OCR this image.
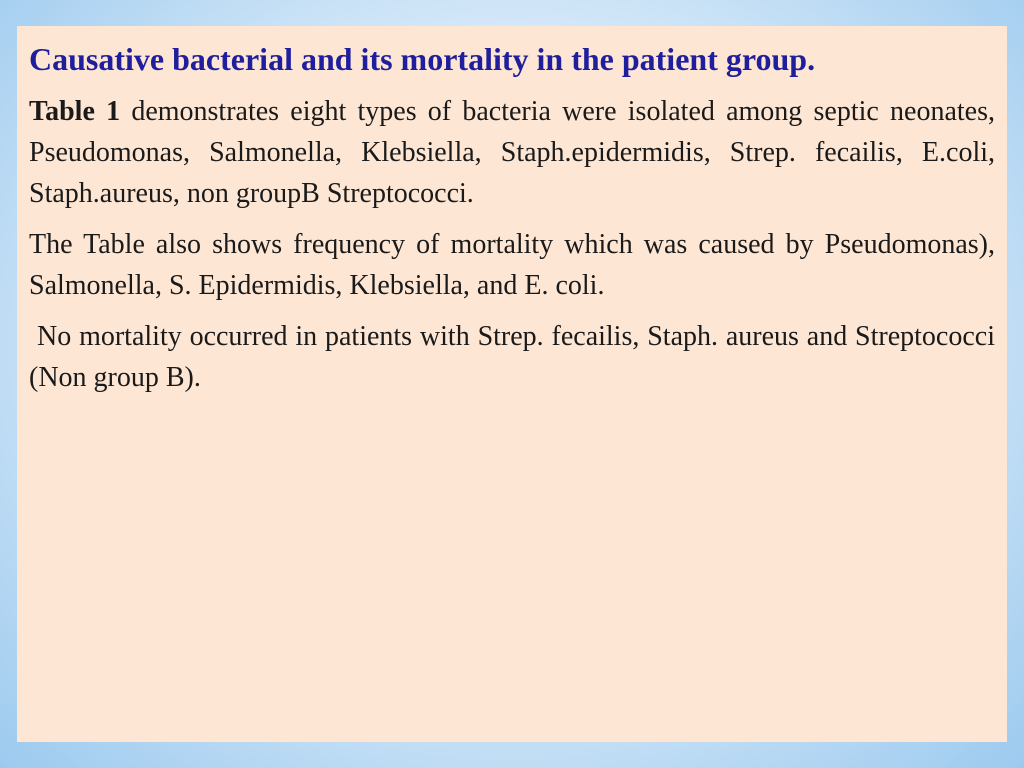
Causative bacterial and its mortality in the patient group.

Table 1 demonstrates eight types of bacteria were isolated among septic neonates, Pseudomonas, Salmonella, Klebsiella, Staph.epidermidis, Strep. fecailis, E.coli, Staph.aureus, non groupB Streptococci.

The Table also shows frequency of mortality which was caused by Pseudomonas), Salmonella, S. Epidermidis, Klebsiella, and E. coli.

No mortality occurred in patients with Strep. fecailis, Staph. aureus and Streptococci (Non group B).
